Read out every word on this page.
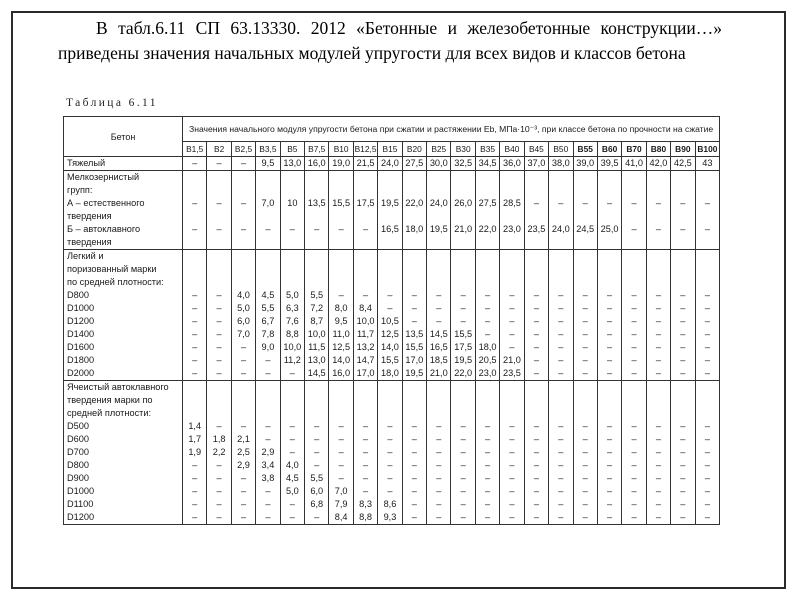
В табл.6.11 СП 63.13330. 2012 «Бетонные и железобетонные конструкции…» приведены значения начальных модулей упругости для всех видов и классов бетона
Таблица 6.11
Бетон	Значения начального модуля упругости бетона при сжатии и растяжении Eb, МПа·10⁻³, при классе бетона по прочности на сжатие																					
	B1,5	B2	B2,5	B3,5	B5	B7,5	B10	B12,5	B15	B20	B25	B30	B35	B40	B45	B50	B55	B60	B70	B80	B90	B100
Тяжелый	–	–	–	9,5	13,0	16,0	19,0	21,5	24,0	27,5	30,0	32,5	34,5	36,0	37,0	38,0	39,0	39,5	41,0	42,0	42,5	43
Мелкозернистый																						
групп:																						
А – естественного	–	–	–	7,0	10	13,5	15,5	17,5	19,5	22,0	24,0	26,0	27,5	28,5	–	–	–	–	–	–	–	–
твердения																						
Б – автоклавного	–	–	–	–	–	–	–	–	16,5	18,0	19,5	21,0	22,0	23,0	23,5	24,0	24,5	25,0	–	–	–	–
твердения																						
Легкий и																						
поризованный марки																						
по средней плотности:																						
D800	–	–	4,0	4,5	5,0	5,5	–	–	–	–	–	–	–	–	–	–	–	–	–	–	–	–
D1000	–	–	5,0	5,5	6,3	7,2	8,0	8,4	–	–	–	–	–	–	–	–	–	–	–	–	–	–
D1200	–	–	6,0	6,7	7,6	8,7	9,5	10,0	10,5	–	–	–	–	–	–	–	–	–	–	–	–	–
D1400	–	–	7,0	7,8	8,8	10,0	11,0	11,7	12,5	13,5	14,5	15,5	–	–	–	–	–	–	–	–	–	–
D1600	–	–	–	9,0	10,0	11,5	12,5	13,2	14,0	15,5	16,5	17,5	18,0	–	–	–	–	–	–	–	–	–
D1800	–	–	–	–	11,2	13,0	14,0	14,7	15,5	17,0	18,5	19,5	20,5	21,0	–	–	–	–	–	–	–	–
D2000	–	–	–	–	–	14,5	16,0	17,0	18,0	19,5	21,0	22,0	23,0	23,5	–	–	–	–	–	–	–	–
Ячеистый автоклавного																						
твердения марки по																						
средней плотности:																						
D500	1,4	–	–	–	–	–	–	–	–	–	–	–	–	–	–	–	–	–	–	–	–	–
D600	1,7	1,8	2,1	–	–	–	–	–	–	–	–	–	–	–	–	–	–	–	–	–	–	–
D700	1,9	2,2	2,5	2,9	–	–	–	–	–	–	–	–	–	–	–	–	–	–	–	–	–	–
D800	–	–	2,9	3,4	4,0	–	–	–	–	–	–	–	–	–	–	–	–	–	–	–	–	–
D900	–	–	–	3,8	4,5	5,5	–	–	–	–	–	–	–	–	–	–	–	–	–	–	–	–
D1000	–	–	–	–	5,0	6,0	7,0	–	–	–	–	–	–	–	–	–	–	–	–	–	–	–
D1100	–	–	–	–	–	6,8	7,9	8,3	8,6	–	–	–	–	–	–	–	–	–	–	–	–	–
D1200	–	–	–	–	–	–	8,4	8,8	9,3	–	–	–	–	–	–	–	–	–	–	–	–	–
